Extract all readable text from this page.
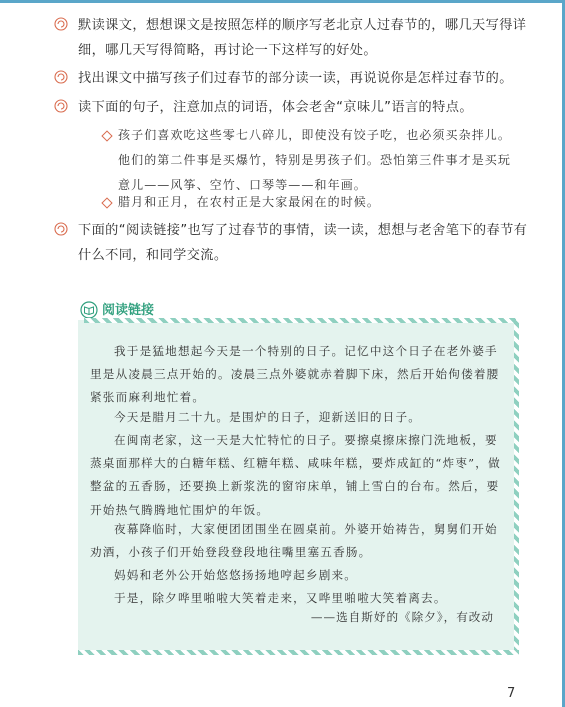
默读课文，想想课文是按照怎样的顺序写老北京人过春节的，哪几天写得详细，哪几天写得简略，再讨论一下这样写的好处。
找出课文中描写孩子们过春节的部分读一读，再说说你是怎样过春节的。
读下面的句子，注意加点的词语，体会老舍“京味儿”语言的特点。
孩子们喜欢吃这些零七八碎儿，即使没有饺子吃，也必须买杂拌儿。他们的第二件事是买爆竹，特别是男孩子们。恐怕第三件事才是买玩意儿——风筝、空竹、口琴等——和年画。
腊月和正月，在农村正是大家最闲在的时候。
下面的“阅读链接”也写了过春节的事情，读一读，想想与老舍笔下的春节有什么不同，和同学交流。
阅读链接
我于是猛地想起今天是一个特别的日子。记忆中这个日子在老外婆手里是从凌晨三点开始的。凌晨三点外婆就赤着脚下床，然后开始佝偻着腰紧张而麻利地忙着。
今天是腊月二十九。是围炉的日子，迎新送旧的日子。
在闽南老家，这一天是大忙特忙的日子。要擦桌擦床擦门洗地板，要蒸桌面那样大的白糖年糕、红糖年糕、咸味年糕，要炸成缸的“炸枣”，做整盆的五香肠，还要换上新浆洗的窗帘床单，铺上雪白的台布。然后，要开始热气腾腾地忙围炉的年饭。
夜幕降临时，大家便团团围坐在圆桌前。外婆开始祷告，舅舅们开始劝酒，小孩子们开始登段登段地往嘴里塞五香肠。
妈妈和老外公开始悠悠扬扬地哼起乡剧来。
于是，除夕哗里啪啦大笑着走来，又哗里啪啦大笑着离去。
——选自斯妤的《除夕》，有改动
7
